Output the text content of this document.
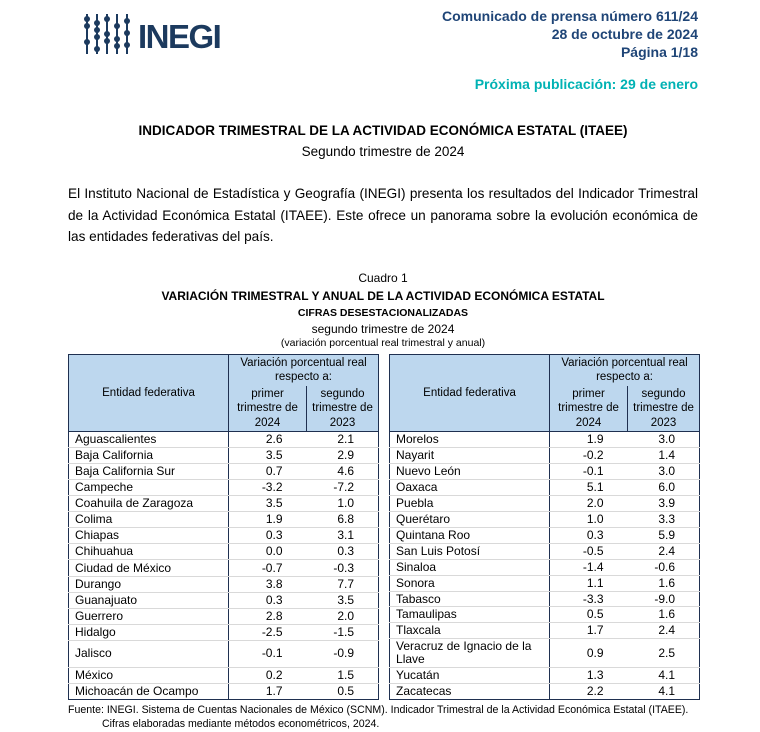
INEGI
Comunicado de prensa número 611/24
28 de octubre de 2024
Página 1/18
Próxima publicación: 29 de enero
INDICADOR TRIMESTRAL DE LA ACTIVIDAD ECONÓMICA ESTATAL (ITAEE)
Segundo trimestre de 2024

El Instituto Nacional de Estadística y Geografía (INEGI) presenta los resultados del Indicador Trimestral de la Actividad Económica Estatal (ITAEE). Este ofrece un panorama sobre la evolución económica de las entidades federativas del país.

Cuadro 1
VARIACIÓN TRIMESTRAL Y ANUAL DE LA ACTIVIDAD ECONÓMICA ESTATAL
CIFRAS DESESTACIONALIZADAS
segundo trimestre de 2024
(variación porcentual real trimestral y anual)
Entidad federativa	Variación porcentual real respecto a:	
	primer trimestre de 2024	segundo trimestre de 2023
Aguascalientes	2.6	2.1
Baja California	3.5	2.9
Baja California Sur	0.7	4.6
Campeche	-3.2	-7.2
Coahuila de Zaragoza	3.5	1.0
Colima	1.9	6.8
Chiapas	0.3	3.1
Chihuahua	0.0	0.3
Ciudad de México	-0.7	-0.3
Durango	3.8	7.7
Guanajuato	0.3	3.5
Guerrero	2.8	2.0
Hidalgo	-2.5	-1.5
Jalisco	-0.1	-0.9
México	0.2	1.5
Michoacán de Ocampo	1.7	0.5
Entidad federativa	Variación porcentual real respecto a:	
	primer trimestre de 2024	segundo trimestre de 2023
Morelos	1.9	3.0
Nayarit	-0.2	1.4
Nuevo León	-0.1	3.0
Oaxaca	5.1	6.0
Puebla	2.0	3.9
Querétaro	1.0	3.3
Quintana Roo	0.3	5.9
San Luis Potosí	-0.5	2.4
Sinaloa	-1.4	-0.6
Sonora	1.1	1.6
Tabasco	-3.3	-9.0
Tamaulipas	0.5	1.6
Tlaxcala	1.7	2.4
Veracruz de Ignacio de la Llave	0.9	2.5
Yucatán	1.3	4.1
Zacatecas	2.2	4.1
Fuente: INEGI. Sistema de Cuentas Nacionales de México (SCNM). Indicador Trimestral de la Actividad Económica Estatal (ITAEE).
Cifras elaboradas mediante métodos econométricos, 2024.
